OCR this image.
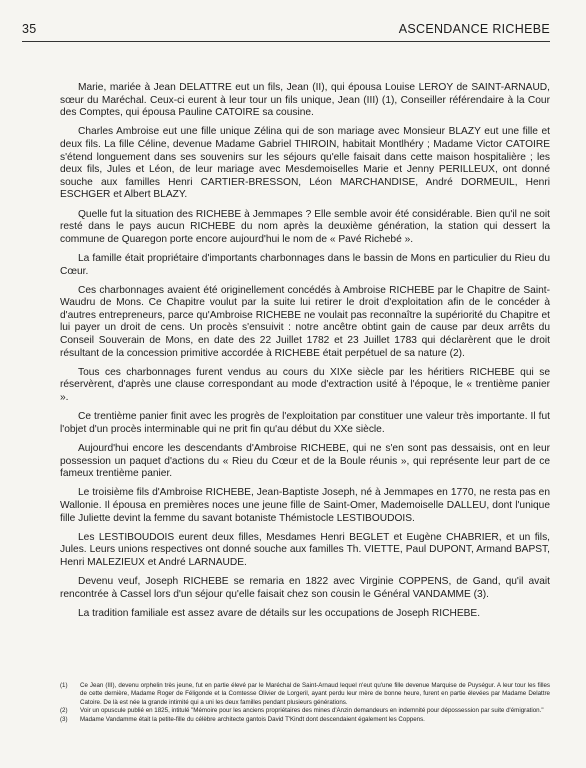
35	ASCENDANCE RICHEBE

Marie, mariée à Jean DELATTRE eut un fils, Jean (II), qui épousa Louise LEROY de SAINT-ARNAUD, sœur du Maréchal. Ceux-ci eurent à leur tour un fils unique, Jean (III) (1), Conseiller référendaire à la Cour des Comptes, qui épousa Pauline CATOIRE sa cousine.

Charles Ambroise eut une fille unique Zélina qui de son mariage avec Monsieur BLAZY eut une fille et deux fils. La fille Céline, devenue Madame Gabriel THIROIN, habitait Montlhéry ; Madame Victor CATOIRE s'étend longuement dans ses souvenirs sur les séjours qu'elle faisait dans cette maison hospitalière ; les deux fils, Jules et Léon, de leur mariage avec Mesdemoiselles Marie et Jenny PERILLEUX, ont donné souche aux familles Henri CARTIER-BRESSON, Léon MARCHANDISE, André DORMEUIL, Henri ESCHGER et Albert BLAZY.

Quelle fut la situation des RICHEBE à Jemmapes ? Elle semble avoir été considérable. Bien qu'il ne soit resté dans le pays aucun RICHEBE du nom après la deuxième génération, la station qui dessert la commune de Quaregon porte encore aujourd'hui le nom de « Pavé Richebé ».

La famille était propriétaire d'importants charbonnages dans le bassin de Mons en particulier du Rieu du Cœur.

Ces charbonnages avaient été originellement concédés à Ambroise RICHEBE par le Chapitre de Saint-Waudru de Mons. Ce Chapitre voulut par la suite lui retirer le droit d'exploitation afin de le concéder à d'autres entrepreneurs, parce qu'Ambroise RICHEBE ne voulait pas reconnaître la supériorité du Chapitre et lui payer un droit de cens. Un procès s'ensuivit : notre ancêtre obtint gain de cause par deux arrêts du Conseil Souverain de Mons, en date des 22 Juillet 1782 et 23 Juillet 1783 qui déclarèrent que le droit résultant de la concession primitive accordée à RICHEBE était perpétuel de sa nature (2).

Tous ces charbonnages furent vendus au cours du XIXe siècle par les héritiers RICHEBE qui se réservèrent, d'après une clause correspondant au mode d'extraction usité à l'époque, le « trentième panier ».

Ce trentième panier finit avec les progrès de l'exploitation par constituer une valeur très importante. Il fut l'objet d'un procès interminable qui ne prit fin qu'au début du XXe siècle.

Aujourd'hui encore les descendants d'Ambroise RICHEBE, qui ne s'en sont pas dessaisis, ont en leur possession un paquet d'actions du « Rieu du Cœur et de la Boule réunis », qui représente leur part de ce fameux trentième panier.

Le troisième fils d'Ambroise RICHEBE, Jean-Baptiste Joseph, né à Jemmapes en 1770, ne resta pas en Wallonie. Il épousa en premières noces une jeune fille de Saint-Omer, Mademoiselle DALLEU, dont l'unique fille Juliette devint la femme du savant botaniste Thémistocle LESTIBOUDOIS.

Les LESTIBOUDOIS eurent deux filles, Mesdames Henri BEGLET et Eugène CHABRIER, et un fils, Jules. Leurs unions respectives ont donné souche aux familles Th. VIETTE, Paul DUPONT, Armand BAPST, Henri MALEZIEUX et André LARNAUDE.

Devenu veuf, Joseph RICHEBE se remaria en 1822 avec Virginie COPPENS, de Gand, qu'il avait rencontrée à Cassel lors d'un séjour qu'elle faisait chez son cousin le Général VANDAMME (3).

La tradition familiale est assez avare de détails sur les occupations de Joseph RICHEBE.

(1)	Ce Jean (III), devenu orphelin très jeune, fut en partie élevé par le Maréchal de Saint-Arnaud lequel n'eut qu'une fille devenue Marquise de Puységur. A leur tour les filles de cette dernière, Madame Roger de Féligonde et la Comtesse Olivier de Lorgeril, ayant perdu leur mère de bonne heure, furent en partie élevées par Madame Delattre Catoire. De là est née la grande intimité qui a uni les deux familles pendant plusieurs générations.
(2)	Voir un opuscule publié en 1825, intitulé "Mémoire pour les anciens propriétaires des mines d'Anzin demandeurs en indemnité pour dépossession par suite d'émigration."
(3)	Madame Vandamme était la petite-fille du célèbre architecte gantois David T'Kindt dont descendaient également les Coppens.
